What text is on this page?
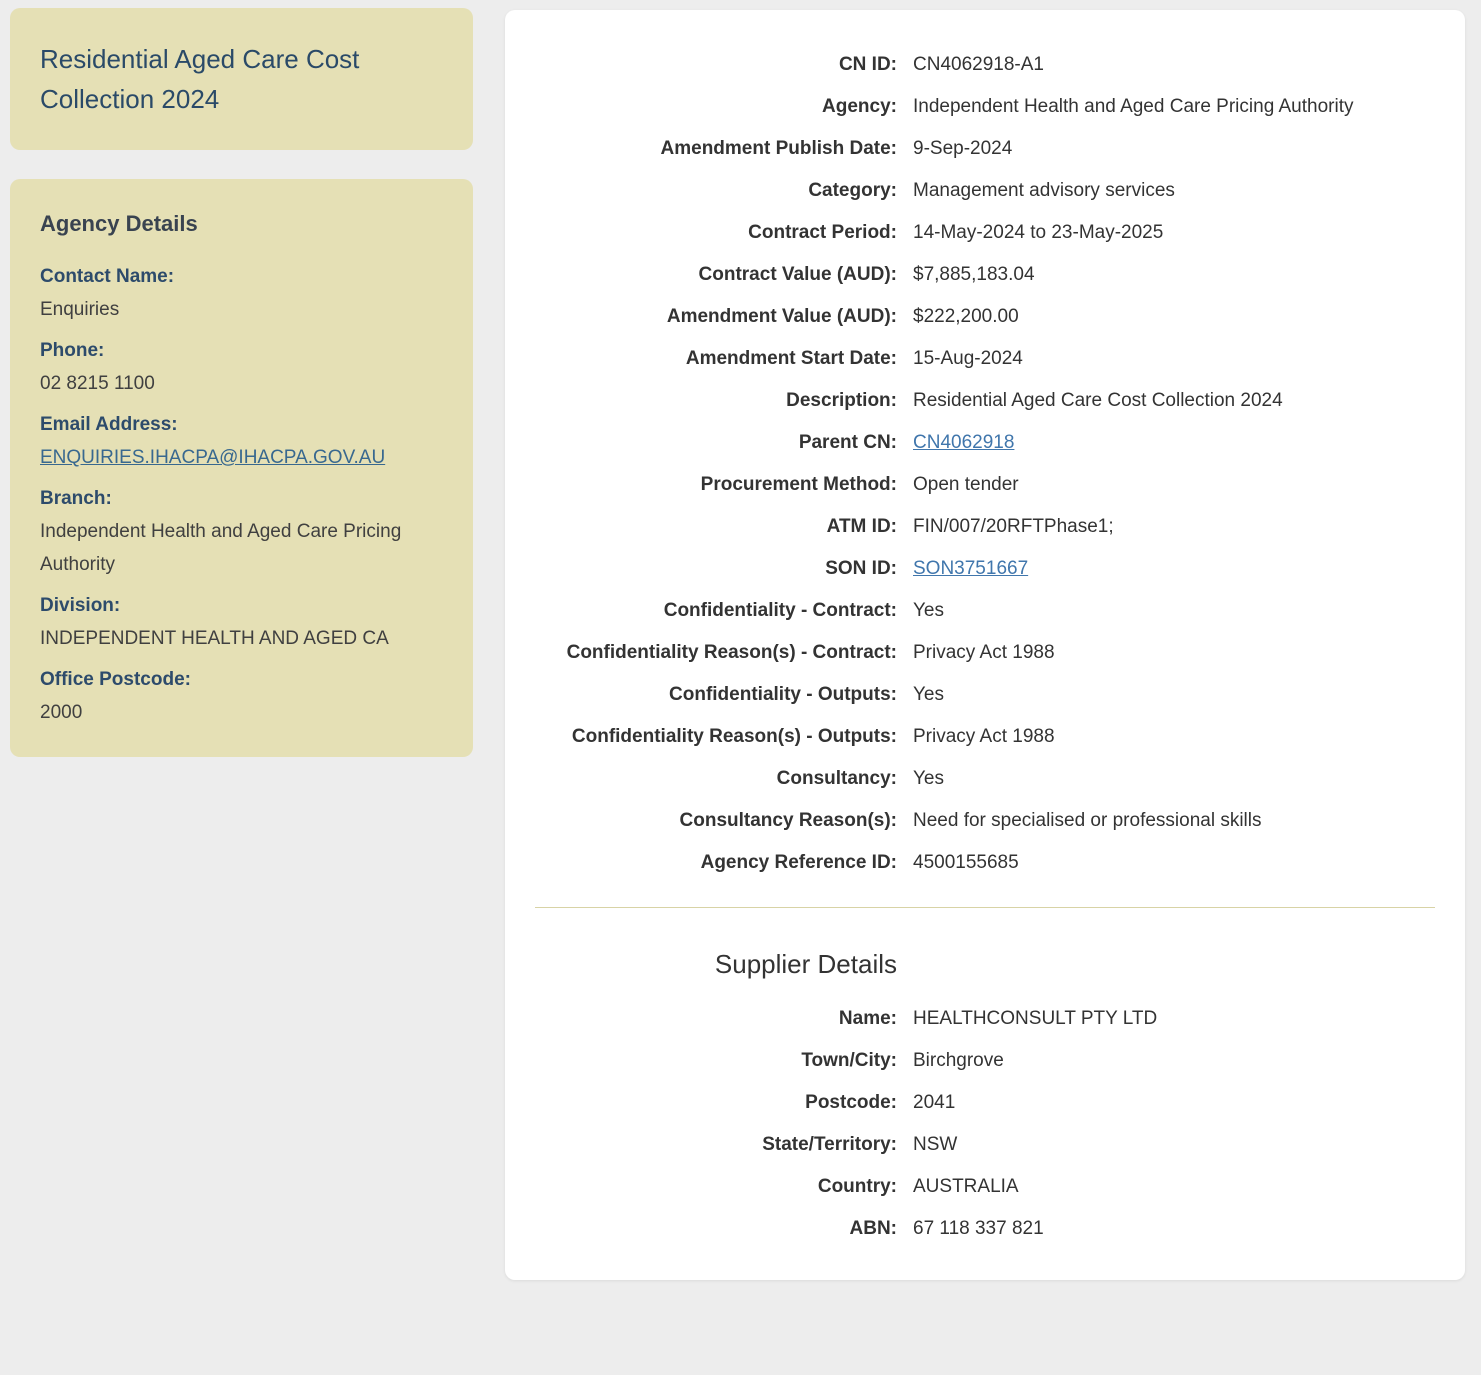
Residential Aged Care Cost Collection 2024
Agency Details
Contact Name:
Enquiries
Phone:
02 8215 1100
Email Address:
ENQUIRIES.IHACPA@IHACPA.GOV.AU
Branch:
Independent Health and Aged Care Pricing Authority
Division:
INDEPENDENT HEALTH AND AGED CA
Office Postcode:
2000
CN ID: CN4062918-A1
Agency: Independent Health and Aged Care Pricing Authority
Amendment Publish Date: 9-Sep-2024
Category: Management advisory services
Contract Period: 14-May-2024 to 23-May-2025
Contract Value (AUD): $7,885,183.04
Amendment Value (AUD): $222,200.00
Amendment Start Date: 15-Aug-2024
Description: Residential Aged Care Cost Collection 2024
Parent CN: CN4062918
Procurement Method: Open tender
ATM ID: FIN/007/20RFTPhase1;
SON ID: SON3751667
Confidentiality - Contract: Yes
Confidentiality Reason(s) - Contract: Privacy Act 1988
Confidentiality - Outputs: Yes
Confidentiality Reason(s) - Outputs: Privacy Act 1988
Consultancy: Yes
Consultancy Reason(s): Need for specialised or professional skills
Agency Reference ID: 4500155685
Supplier Details
Name: HEALTHCONSULT PTY LTD
Town/City: Birchgrove
Postcode: 2041
State/Territory: NSW
Country: AUSTRALIA
ABN: 67 118 337 821
